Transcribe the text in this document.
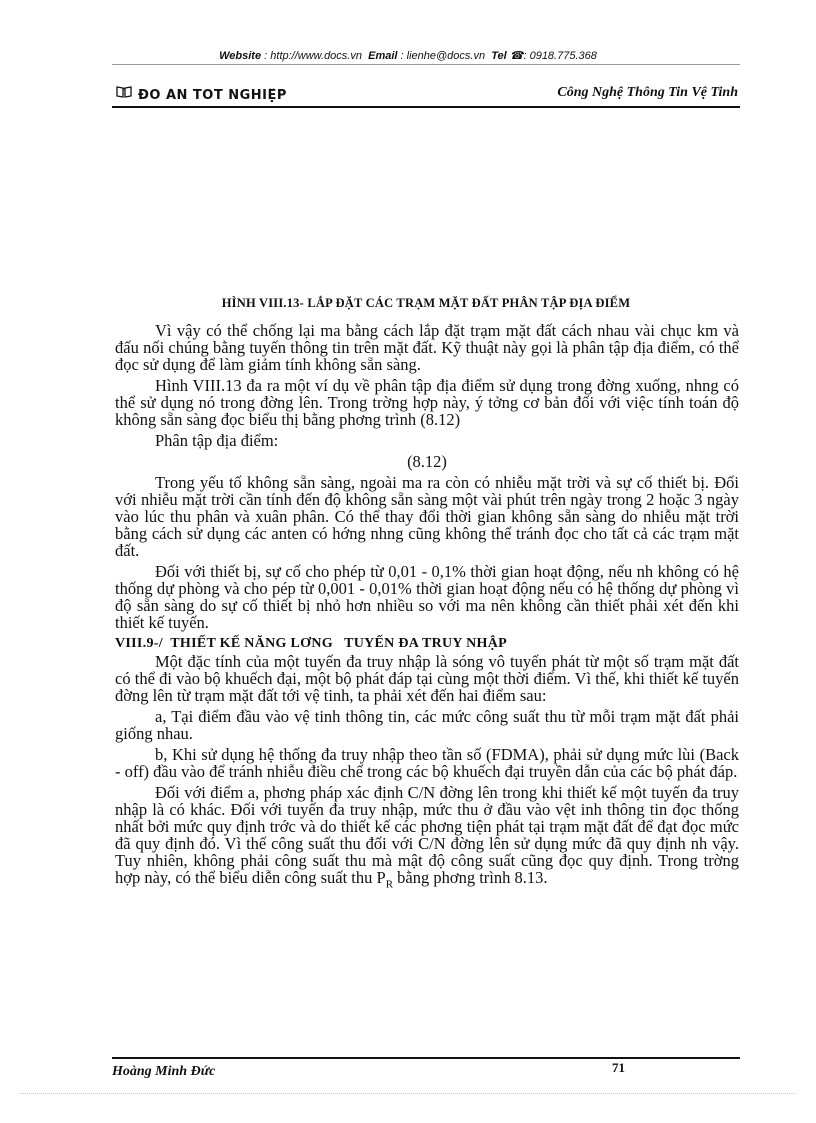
Website : http://www.docs.vn Email : lienhe@docs.vn Tel ☎: 0918.775.368
ĐỒ ÁN TỐT NGHIỆP	Công Nghệ Thông Tin Vệ Tinh
HÌNH VIII.13- LẮP ĐẶT CÁC TRẠM MẶT ĐẤT PHÂN TẬP ĐỊA ĐIỂM

Vì vậy có thể chống lại ma bằng cách lắp đặt trạm mặt đất cách nhau vài chục km và đấu nối chúng bằng tuyến thông tin trên mặt đất. Kỹ thuật này gọi là phân tập địa điểm, có thể đọc sử dụng để làm giảm tính không sẵn sàng.

Hình VIII.13 đa ra một ví dụ về phân tập địa điểm sử dụng trong đờng xuống, nhng có thể sử dụng nó trong đờng lên. Trong trờng hợp này, ý tởng cơ bản đối với việc tính toán độ không sẵn sàng đọc biểu thị bằng phơng trình (8.12)

Phân tập địa điểm:

(8.12)

Trong yếu tố không sẵn sàng, ngoài ma ra còn có nhiễu mặt trời và sự cố thiết bị. Đối với nhiễu mặt trời cần tính đến độ không sẵn sàng một vài phút trên ngày trong 2 hoặc 3 ngày vào lúc thu phân và xuân phân. Có thể thay đổi thời gian không sẵn sàng do nhiễu mặt trời bằng cách sử dụng các anten có hớng nhng cũng không thể tránh đọc cho tất cả các trạm mặt đất.

Đối với thiết bị, sự cố cho phép từ 0,01 - 0,1% thời gian hoạt động, nếu nh không có hệ thống dự phòng và cho pép từ 0,001 - 0,01% thời gian hoạt động nếu có hệ thống dự phòng vì độ sẵn sàng do sự cố thiết bị nhỏ hơn nhiều so với ma nên không cần thiết phải xét đến khi thiết kế tuyến.

VIII.9-/  THIẾT KẾ NĂNG LƠNG   TUYẾN ĐA TRUY NHẬP

Một đặc tính của một tuyến đa truy nhập là sóng vô tuyến phát từ một số trạm mặt đất có thể đi vào bộ khuếch đại, một bộ phát đáp tại cùng một thời điểm. Vì thế, khi thiết kế tuyến đờng lên từ trạm mặt đất tới vệ tinh, ta phải xét đến hai điểm sau:

a, Tại điểm đầu vào vệ tinh thông tin, các mức công suất thu từ mỗi trạm mặt đất phải giống nhau.

b, Khi sử dụng hệ thống đa truy nhập theo tần số (FDMA), phải sử dụng mức lùi (Back - off) đầu vào để tránh nhiễu điều chế trong các bộ khuếch đại truyền dẫn của các bộ phát đáp.

Đối với điểm a, phơng pháp xác định C/N đờng lên trong khi thiết kế một tuyến đa truy nhập là có khác. Đối với tuyến đa truy nhập, mức thu ở đầu vào vệt inh thông tin đọc thống nhất bởi mức quy định trớc và do thiết kế các phơng tiện phát tại trạm mặt đất để đạt đọc mức đã quy định đó. Vì thế công suất thu đối với C/N đờng lên sử dụng mức đã quy định nh vậy. Tuy nhiên, không phải công suất thu mà mật độ công suất cũng đọc quy định. Trong trờng hợp này, có thể biểu diễn công suất thu $P_R$ bằng phơng trình 8.13.

Hoàng Minh Đức	71
